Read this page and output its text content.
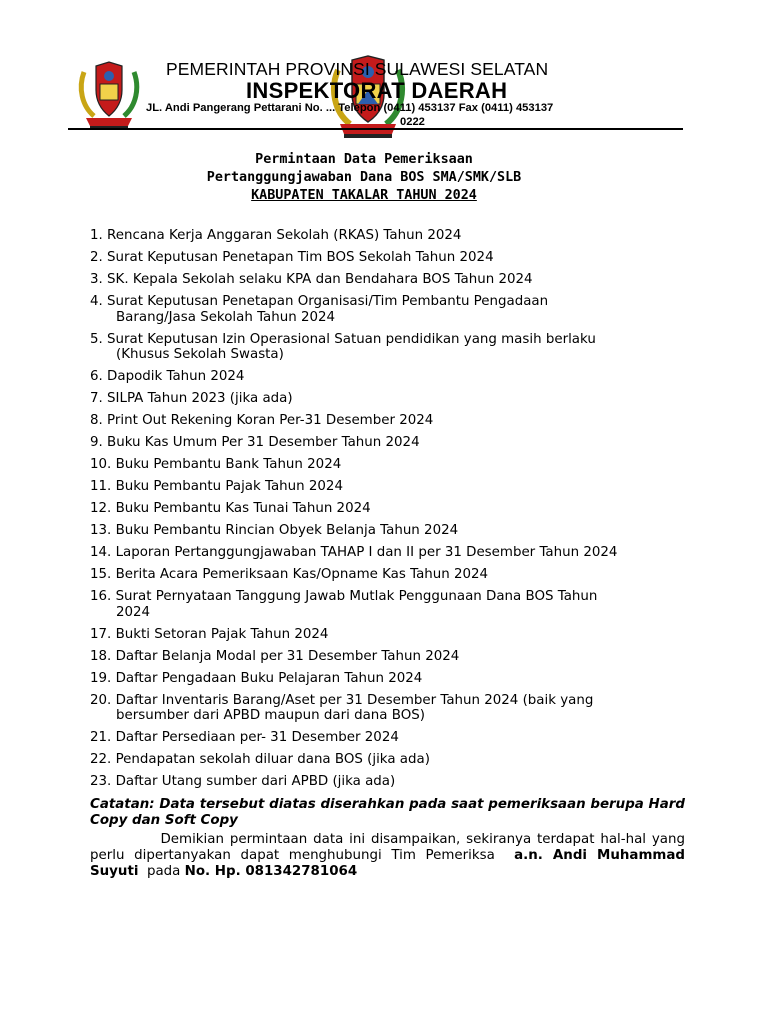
PEMERINTAH PROVINSI SULAWESI SELATAN
INSPEKTORAT DAERAH
JL. Andi Pangerang Pettarani No. ... Telepon (0411) 453137 Fax (0411) 453137
0222
Permintaan Data Pemeriksaan
Pertanggungjawaban Dana BOS SMA/SMK/SLB
KABUPATEN TAKALAR TAHUN 2024
1. Rencana Kerja Anggaran Sekolah (RKAS) Tahun 2024
2. Surat Keputusan Penetapan Tim BOS Sekolah Tahun 2024
3. SK. Kepala Sekolah selaku KPA dan Bendahara BOS Tahun 2024
4. Surat Keputusan Penetapan Organisasi/Tim Pembantu Pengadaan
Barang/Jasa Sekolah Tahun 2024
5. Surat Keputusan Izin Operasional Satuan pendidikan yang masih berlaku
(Khusus Sekolah Swasta)
6. Dapodik Tahun 2024
7. SILPA Tahun 2023 (jika ada)
8. Print Out Rekening Koran Per-31 Desember 2024
9. Buku Kas Umum Per 31 Desember Tahun 2024
10. Buku Pembantu Bank Tahun 2024
11. Buku Pembantu Pajak Tahun 2024
12. Buku Pembantu Kas Tunai Tahun 2024
13. Buku Pembantu Rincian Obyek Belanja Tahun 2024
14. Laporan Pertanggungjawaban TAHAP I dan II per 31 Desember Tahun 2024
15. Berita Acara Pemeriksaan Kas/Opname Kas Tahun 2024
16. Surat Pernyataan Tanggung Jawab Mutlak Penggunaan Dana BOS Tahun
2024
17. Bukti Setoran Pajak Tahun 2024
18. Daftar Belanja Modal per 31 Desember Tahun 2024
19. Daftar Pengadaan Buku Pelajaran Tahun 2024
20. Daftar Inventaris Barang/Aset per 31 Desember Tahun 2024 (baik yang
bersumber dari APBD maupun dari dana BOS)
21. Daftar Persediaan per- 31 Desember 2024
22. Pendapatan sekolah diluar dana BOS (jika ada)
23. Daftar Utang sumber dari APBD (jika ada)
Catatan: Data tersebut diatas diserahkan pada saat pemeriksaan berupa Hard Copy dan Soft Copy
Demikian permintaan data ini disampaikan, sekiranya terdapat hal-hal yang perlu dipertanyakan dapat menghubungi Tim Pemeriksa a.n. Andi Muhammad Suyuti pada No. Hp. 081342781064
